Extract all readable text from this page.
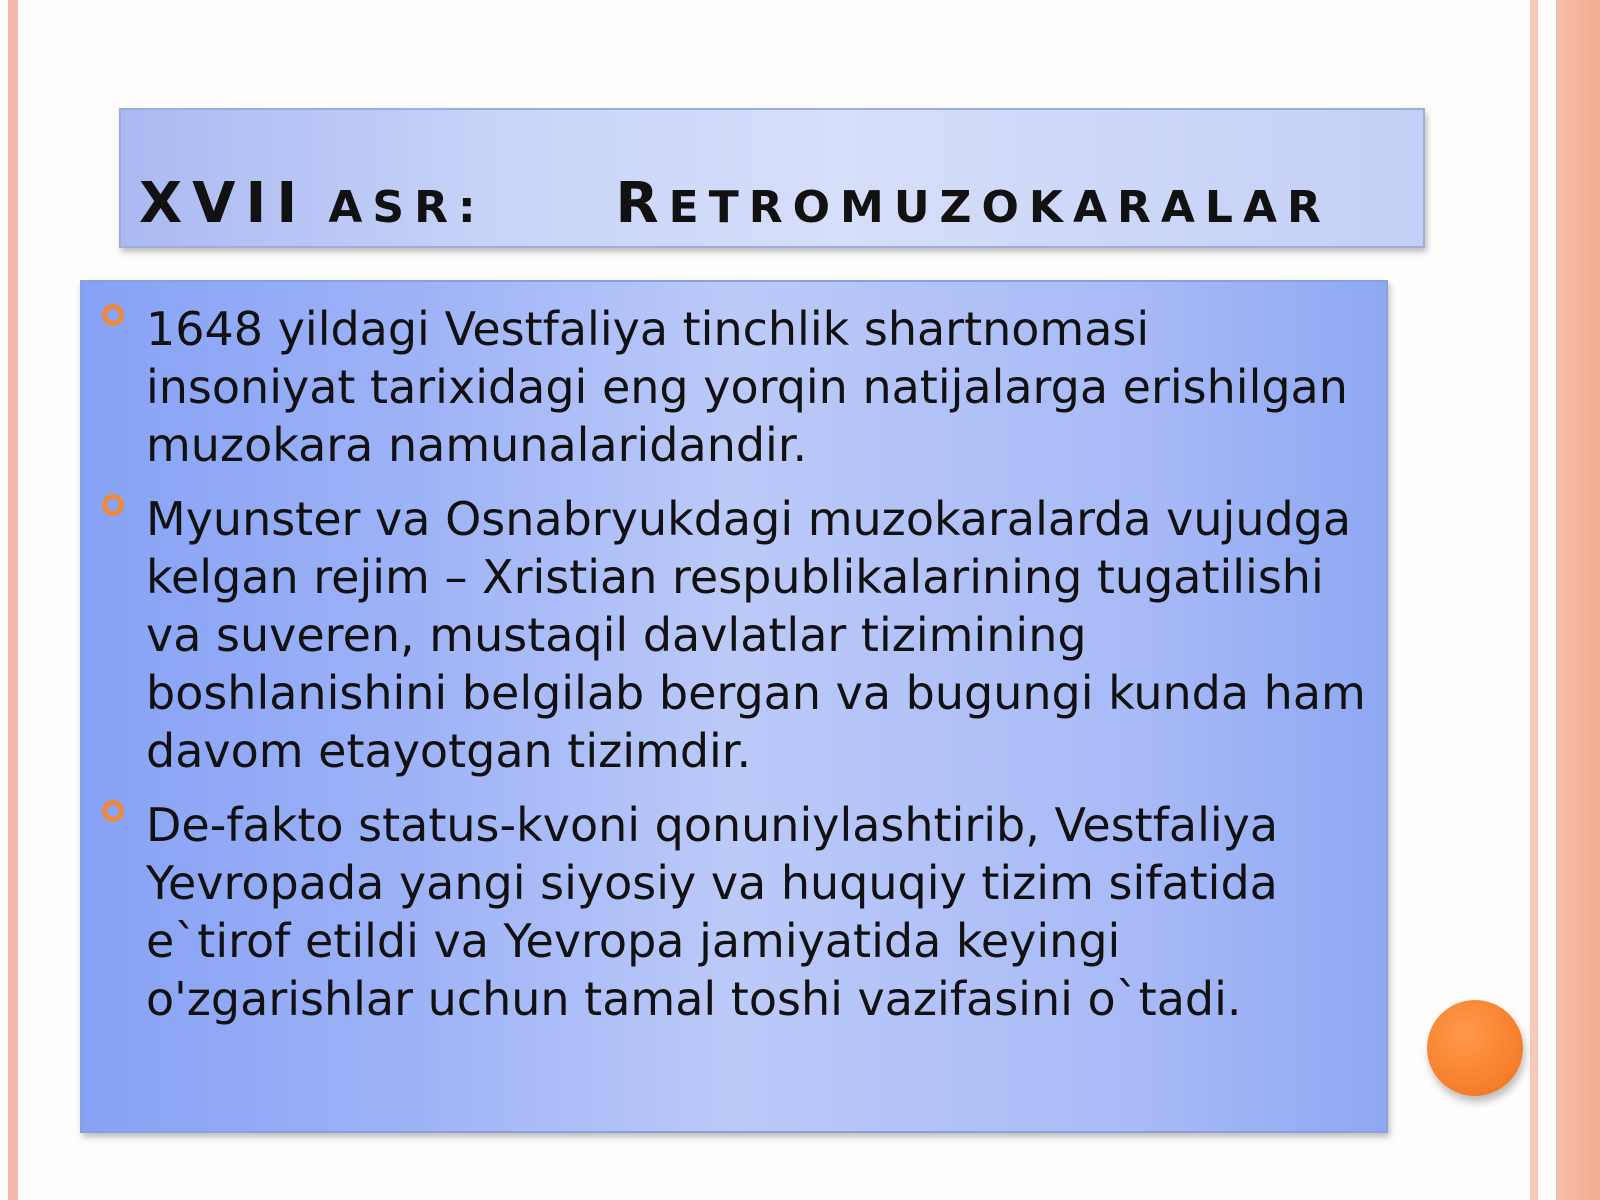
XVII ASR: RETROMUZOKARALAR
1648 yildagi Vestfaliya tinchlik shartnomasi insoniyat tarixidagi eng yorqin natijalarga erishilgan muzokara namunalaridandir.
Myunster va Osnabryukdagi muzokaralarda vujudga kelgan rejim – Xristian respublikalarining tugatilishi va suveren, mustaqil davlatlar tizimining boshlanishini belgilab bergan va bugungi kunda ham davom etayotgan tizimdir.
De-fakto status-kvoni qonuniylashtirib, Vestfaliya Yevropada yangi siyosiy va huquqiy tizim sifatida e`tirof etildi va Yevropa jamiyatida keyingi o'zgarishlar uchun tamal toshi vazifasini o`tadi.
